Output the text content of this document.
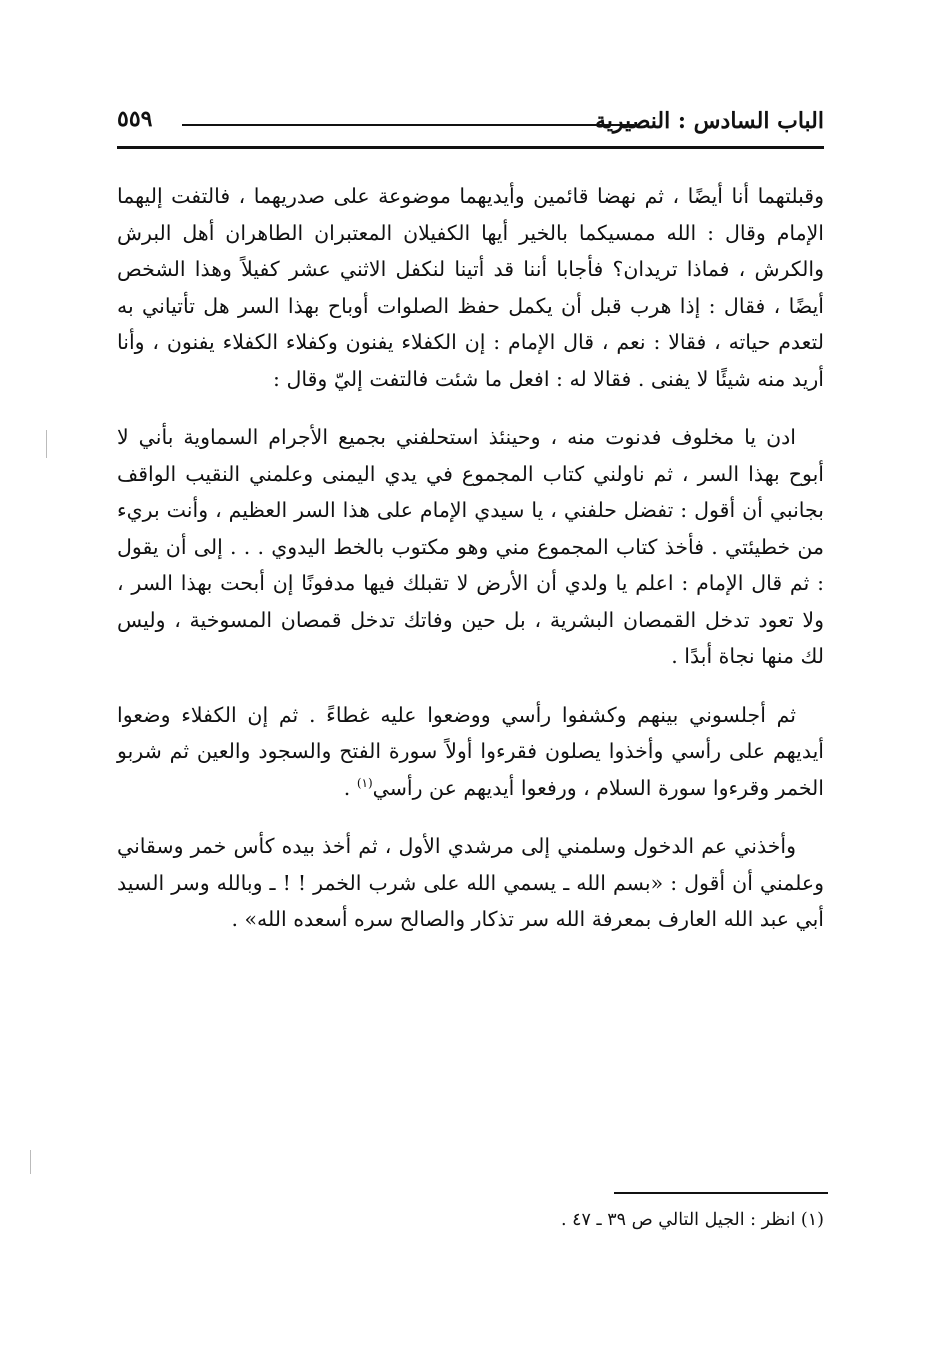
الباب السادس : النصيرية
٥٥٩

وقبلتهما أنا أيضًا ، ثم نهضا قائمين وأيديهما موضوعة على صدريهما ، فالتفت إليهما الإمام وقال : الله ممسيكما بالخير أيها الكفيلان المعتبران الطاهران أهل البرش والكرش ، فماذا تريدان؟ فأجابا أننا قد أتينا لنكفل الاثني عشر كفيلاً وهذا الشخص أيضًا ، فقال : إذا هرب قبل أن يكمل حفظ الصلوات أوباح بهذا السر هل تأتياني به لتعدم حياته ، فقالا : نعم ، قال الإمام : إن الكفلاء يفنون وكفلاء الكفلاء يفنون ، وأنا أريد منه شيئًا لا يفنى . فقالا له : افعل ما شئت فالتفت إليّ وقال :

ادن يا مخلوف فدنوت منه ، وحينئذ استحلفني بجميع الأجرام السماوية بأني لا أبوح بهذا السر ، ثم ناولني كتاب المجموع في يدي اليمنى وعلمني النقيب الواقف بجانبي أن أقول : تفضل حلفني ، يا سيدي الإمام على هذا السر العظيم ، وأنت بريء من خطيئتي . فأخذ كتاب المجموع مني وهو مكتوب بالخط اليدوي . . . إلى أن يقول : ثم قال الإمام : اعلم يا ولدي أن الأرض لا تقبلك فيها مدفونًا إن أبحت بهذا السر ، ولا تعود تدخل القمصان البشرية ، بل حين وفاتك تدخل قمصان المسوخية ، وليس لك منها نجاة أبدًا .

ثم أجلسوني بينهم وكشفوا رأسي ووضعوا عليه غطاءً . ثم إن الكفلاء وضعوا أيديهم على رأسي وأخذوا يصلون فقرءوا أولاً سورة الفتح والسجود والعين ثم شربو الخمر وقرءوا سورة السلام ، ورفعوا أيديهم عن رأسي$^{(١)}$ .

وأخذني عم الدخول وسلمني إلى مرشدي الأول ، ثم أخذ بيده كأس خمر وسقاني وعلمني أن أقول : «بسم الله ـ يسمي الله على شرب الخمر ! ! ـ وبالله وسر السيد أبي عبد الله العارف بمعرفة الله سر تذكار والصالح سره أسعده الله» .

(١) انظر : الجيل التالي ص ٣٩ ـ ٤٧ .
